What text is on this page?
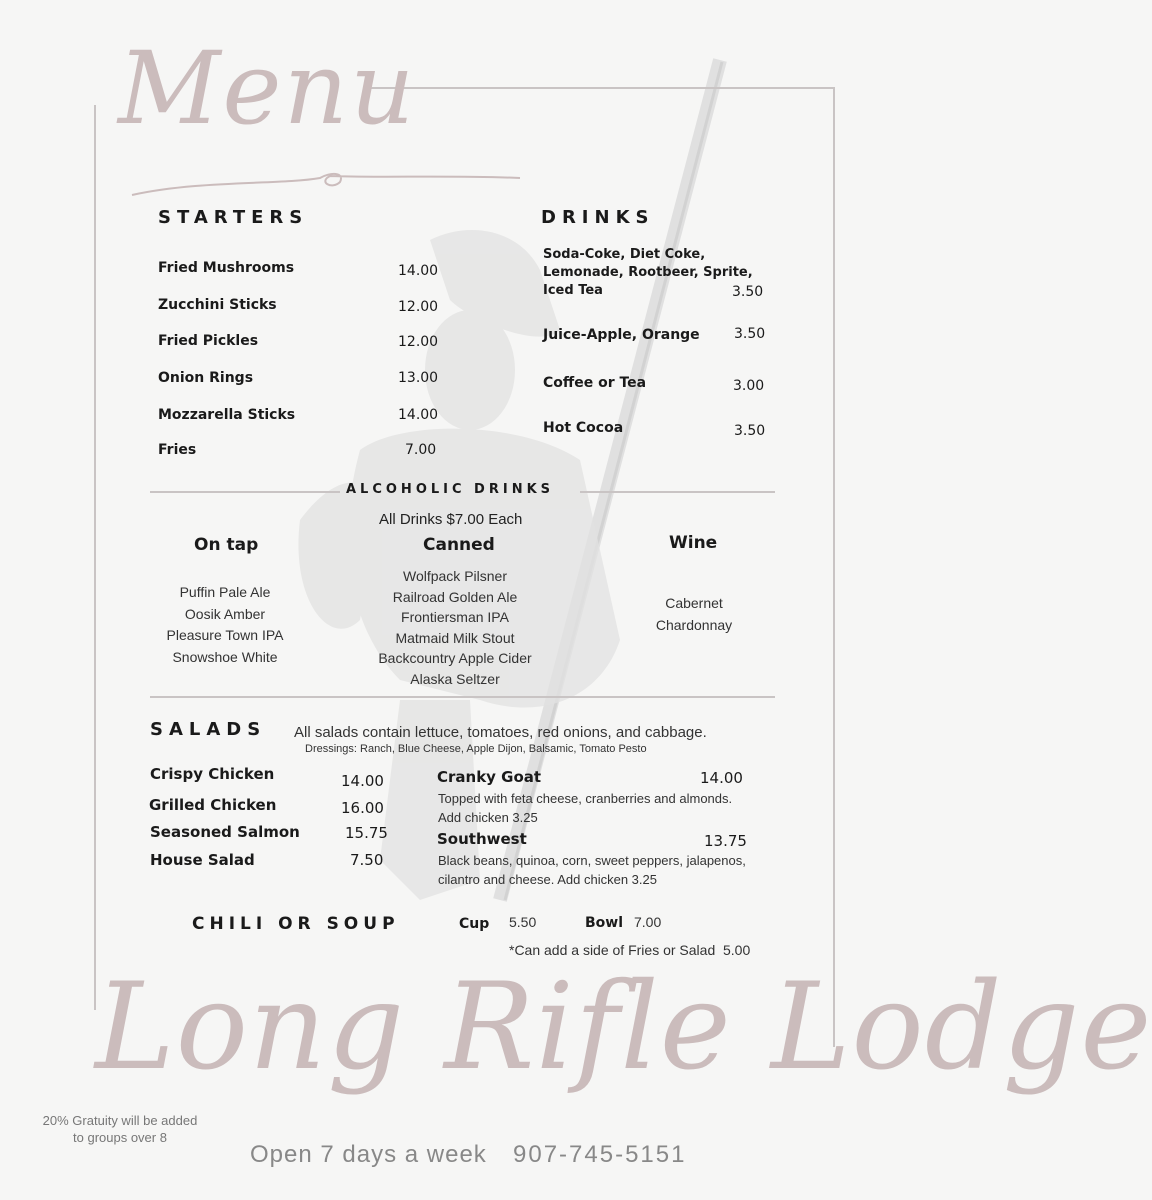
Menu
Long Rifle Lodge
STARTERS
Fried Mushrooms	14.00
Zucchini Sticks	12.00
Fried Pickles	12.00
Onion Rings	13.00
Mozzarella Sticks	14.00
Fries	7.00
DRINKS
Soda-Coke, Diet Coke, Lemonade, Rootbeer, Sprite, Iced Tea	3.50
Juice-Apple, Orange 3.50
Coffee or Tea	3.00
Hot Cocoa	3.50
ALCOHOLIC DRINKS
All Drinks $7.00 Each
On tap
Puffin Pale Ale
Oosik Amber
Pleasure Town IPA
Snowshoe White
Canned
Wolfpack Pilsner
Railroad Golden Ale
Frontiersman IPA
Matmaid Milk Stout
Backcountry Apple Cider
Alaska Seltzer
Wine
Cabernet
Chardonnay
SALADS All salads contain lettuce, tomatoes, red onions, and cabbage.
Dressings: Ranch, Blue Cheese, Apple Dijon, Balsamic, Tomato Pesto
Crispy Chicken	14.00
Grilled Chicken	16.00
Seasoned Salmon	15.75
House Salad	7.50
Cranky Goat	14.00
Topped with feta cheese, cranberries and almonds.
Add chicken 3.25
Southwest	13.75
Black beans, quinoa, corn, sweet peppers, jalapenos,
cilantro and cheese. Add chicken 3.25
CHILI OR SOUP	Cup 5.50	Bowl 7.00
*Can add a side of Fries or Salad  5.00
20% Gratuity will be added
to groups over 8
Open 7 days a week 907-745-5151
